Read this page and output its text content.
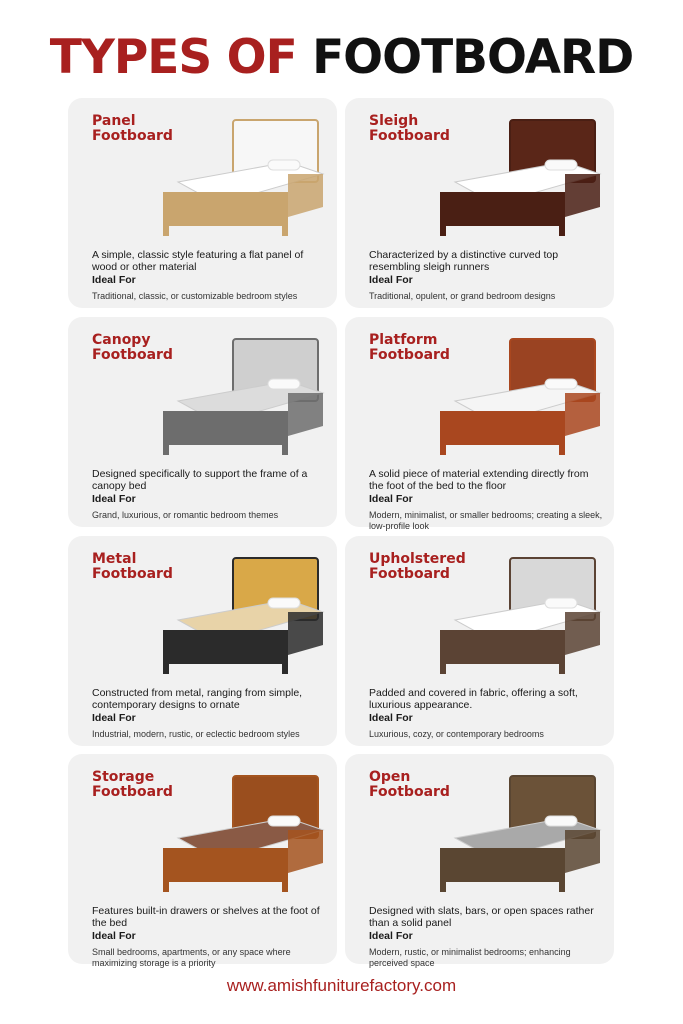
TYPES OF FOOTBOARD
Panel
Footboard
A simple, classic style featuring a flat panel of wood or other material
Ideal For
Traditional, classic, or customizable bedroom styles
Sleigh
Footboard
Characterized by a distinctive curved top resembling sleigh runners
Ideal For
Traditional, opulent, or grand bedroom designs
Canopy
Footboard
Designed specifically to support the frame of a canopy bed
Ideal For
Grand, luxurious, or romantic bedroom themes
Platform
Footboard
A solid piece of material extending directly from the foot of the bed to the floor
Ideal For
Modern, minimalist, or smaller bedrooms; creating a sleek, low-profile look
Metal
Footboard
Constructed from metal, ranging from simple, contemporary designs to ornate
Ideal For
Industrial, modern, rustic, or eclectic bedroom styles
Upholstered
Footboard
Padded and covered in fabric, offering a soft, luxurious appearance.
Ideal For
Luxurious, cozy, or contemporary bedrooms
Storage
Footboard
Features built-in drawers or shelves at the foot of the bed
Ideal For
Small bedrooms, apartments, or any space where maximizing storage is a priority
Open
Footboard
Designed with slats, bars, or open spaces rather than a solid panel
Ideal For
Modern, rustic, or minimalist bedrooms; enhancing perceived space
www.amishfuniturefactory.com
